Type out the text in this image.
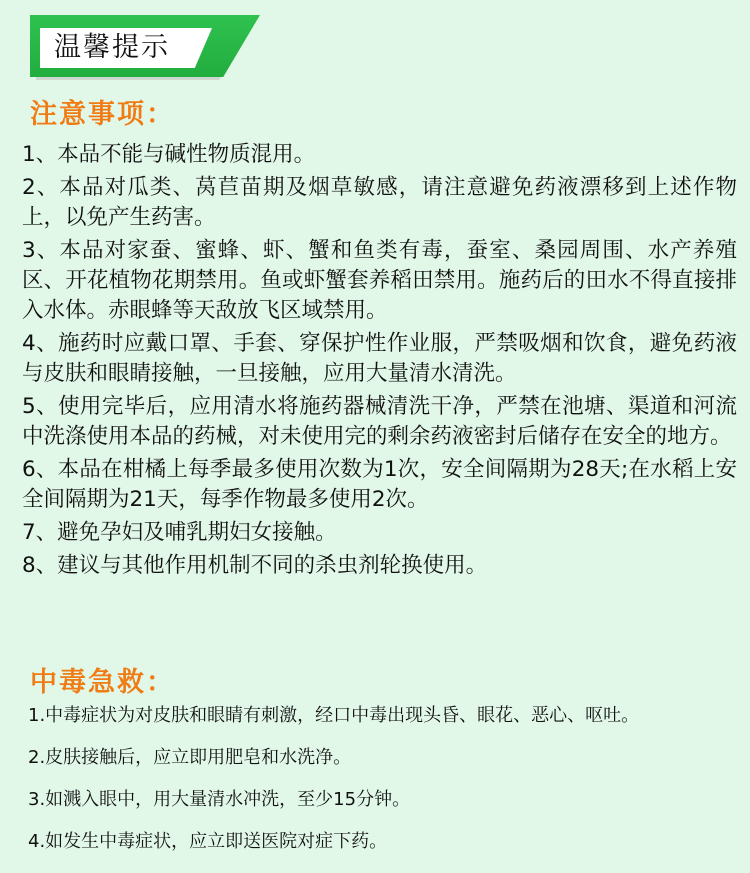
温馨提示
注意事项：

1、本品不能与碱性物质混用。

2、本品对瓜类、莴苣苗期及烟草敏感，请注意避免药液漂移到上述作物上，以免产生药害。

3、本品对家蚕、蜜蜂、虾、蟹和鱼类有毒，蚕室、桑园周围、水产养殖区、开花植物花期禁用。鱼或虾蟹套养稻田禁用。施药后的田水不得直接排入水体。赤眼蜂等天敌放飞区域禁用。

4、施药时应戴口罩、手套、穿保护性作业服，严禁吸烟和饮食，避免药液与皮肤和眼睛接触，一旦接触，应用大量清水清洗。

5、使用完毕后，应用清水将施药器械清洗干净，严禁在池塘、渠道和河流中洗涤使用本品的药械，对未使用完的剩余药液密封后储存在安全的地方。

6、本品在柑橘上每季最多使用次数为1次，安全间隔期为28天;在水稻上安全间隔期为21天，每季作物最多使用2次。

7、避免孕妇及哺乳期妇女接触。

8、建议与其他作用机制不同的杀虫剂轮换使用。

中毒急救：
1.中毒症状为对皮肤和眼睛有刺激，经口中毒出现头昏、眼花、恶心、呕吐。
2.皮肤接触后，应立即用肥皂和水洗净。
3.如溅入眼中，用大量清水冲洗，至少15分钟。
4.如发生中毒症状，应立即送医院对症下药。
